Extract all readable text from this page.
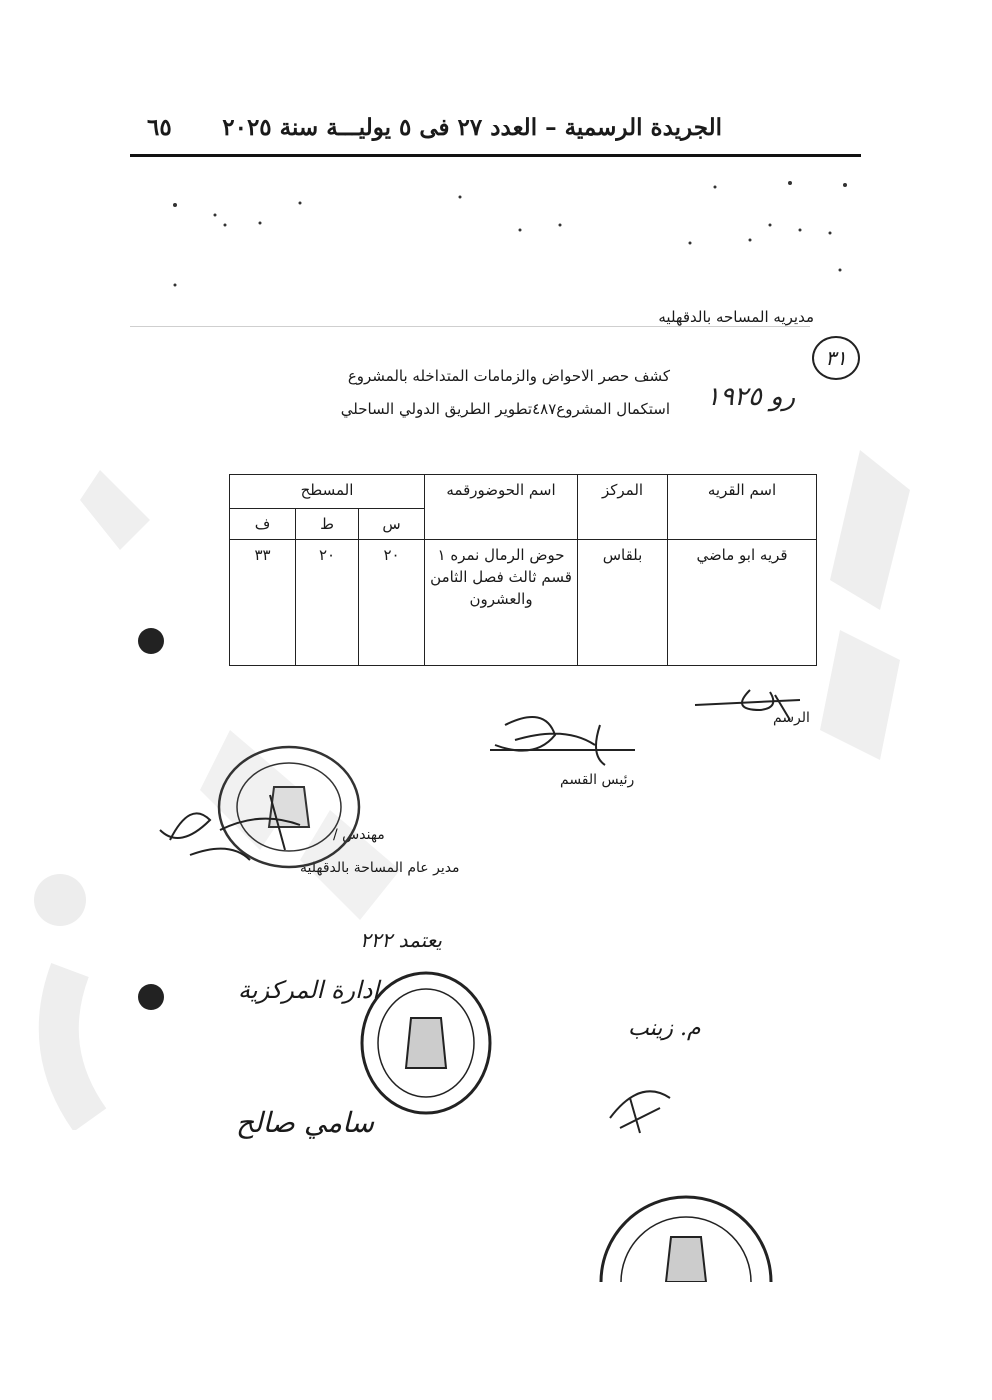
الجريدة الرسمية – العدد ٢٧ فى ٥ يوليـــة سنة ٢٠٢٥
٦٥
مديريه المساحه بالدقهليه
٣١
كشف حصر الاحواض والزمامات المتداخله بالمشروع
استكمال المشروع٤٨٧تطوير الطريق الدولي الساحلي رو ١٩٢٥
اسم القريه	المركز	اسم الحوضورقمه	المسطح		
			س	ط	ف
قريه ابو ماضي	بلقاس	حوض الرمال نمره ١
قسم ثالث فصل الثامن
والعشرون	٢٠	٢٠	٣٣
الرسم
رئيس القسم
مهندس /
مدير عام المساحة بالدقهلية
يعتمد ٢٢٢
ادارة المركزية
سامي صالح
م. زينب
